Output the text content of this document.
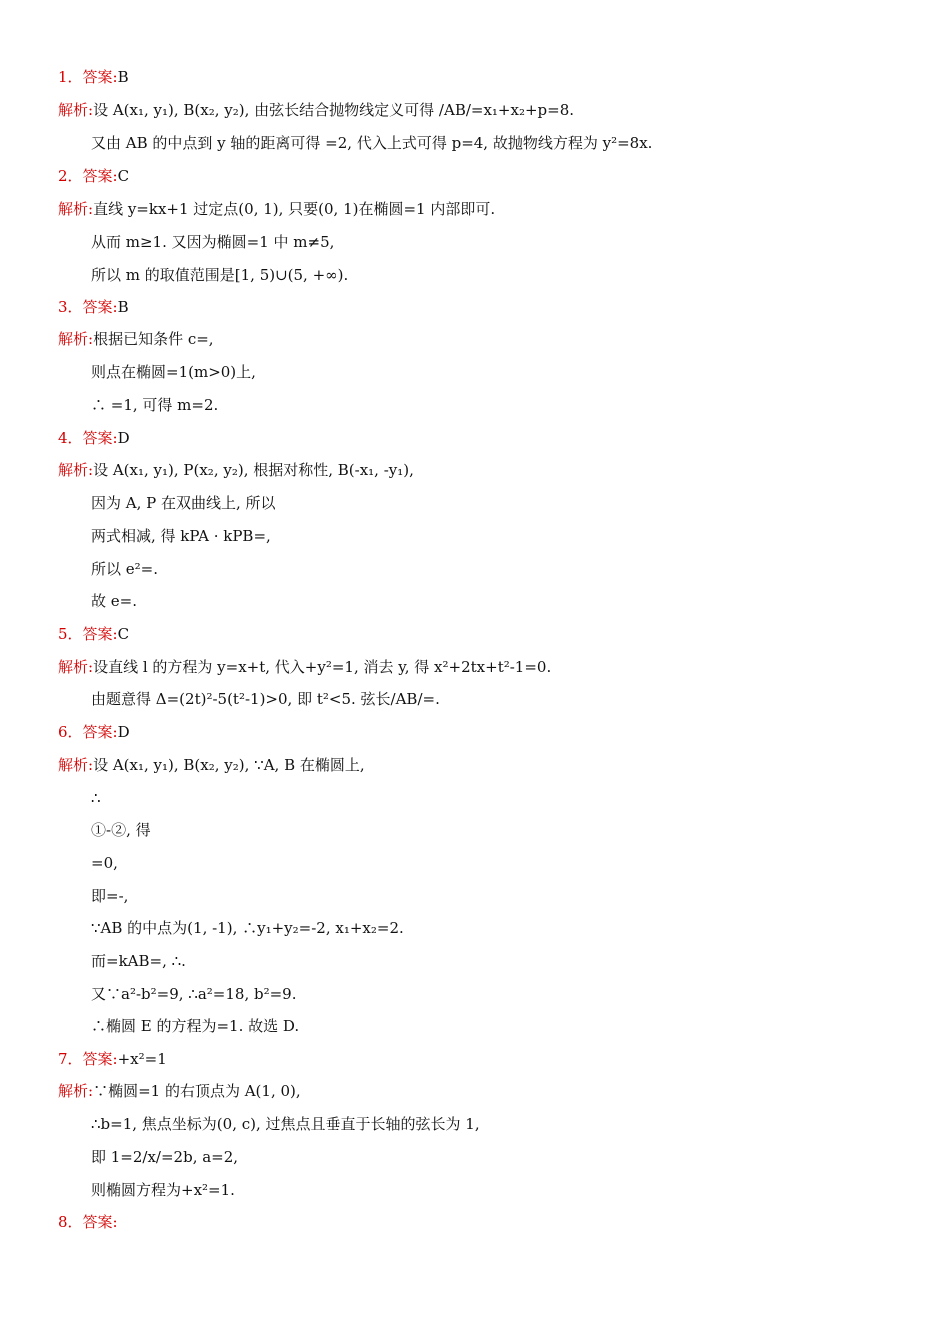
1．答案:B
解析:设 A(x₁, y₁), B(x₂, y₂), 由弦长结合抛物线定义可得 /AB/=x₁+x₂+p=8.
又由 AB 的中点到 y 轴的距离可得 =2, 代入上式可得 p=4, 故抛物线方程为 y²=8x.
2．答案:C
解析:直线 y=kx+1 过定点(0, 1), 只要(0, 1)在椭圆=1 内部即可.
从而 m≥1. 又因为椭圆=1 中 m≠5,
所以 m 的取值范围是[1, 5)∪(5, +∞).
3．答案:B
解析:根据已知条件 c=,
则点在椭圆=1(m>0)上,
∴ =1, 可得 m=2.
4．答案:D
解析:设 A(x₁, y₁), P(x₂, y₂), 根据对称性, B(-x₁, -y₁),
因为 A, P 在双曲线上, 所以
两式相减, 得 kPA · kPB=,
所以 e²=.
故 e=.
5．答案:C
解析:设直线 l 的方程为 y=x+t, 代入+y²=1, 消去 y, 得 x²+2tx+t²-1=0.
由题意得 Δ=(2t)²-5(t²-1)>0, 即 t²<5. 弦长/AB/=.
6．答案:D
解析:设 A(x₁, y₁), B(x₂, y₂), ∵A, B 在椭圆上,
∴
①-②, 得
=0,
即=-,
∵AB 的中点为(1, -1), ∴y₁+y₂=-2, x₁+x₂=2.
而=kAB=, ∴.
又∵a²-b²=9, ∴a²=18, b²=9.
∴椭圆 E 的方程为=1. 故选 D.
7．答案:+x²=1
解析:∵椭圆=1 的右顶点为 A(1, 0),
∴b=1, 焦点坐标为(0, c), 过焦点且垂直于长轴的弦长为 1,
即 1=2/x/=2b, a=2,
则椭圆方程为+x²=1.
8．答案:
